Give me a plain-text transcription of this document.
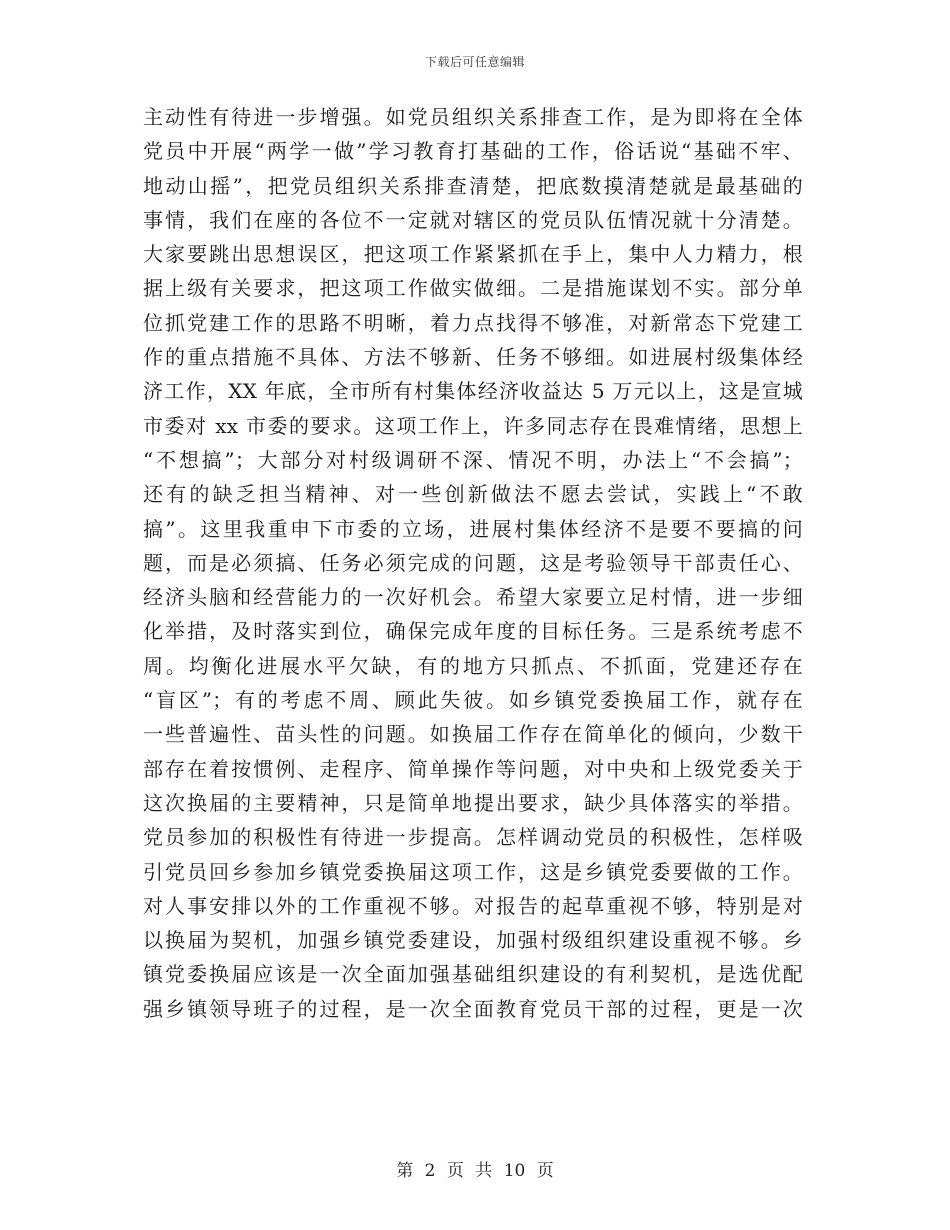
下载后可任意编辑
主动性有待进一步增强。如党员组织关系排查工作，是为即将在全体
党员中开展“两学一做”学习教育打基础的工作，俗话说“基础不牢、
地动山摇”，把党员组织关系排查清楚，把底数摸清楚就是最基础的
事情，我们在座的各位不一定就对辖区的党员队伍情况就十分清楚。
大家要跳出思想误区，把这项工作紧紧抓在手上，集中人力精力，根
据上级有关要求，把这项工作做实做细。二是措施谋划不实。部分单
位抓党建工作的思路不明晰，着力点找得不够准，对新常态下党建工
作的重点措施不具体、方法不够新、任务不够细。如进展村级集体经
济工作，XX 年底，全市所有村集体经济收益达 5 万元以上，这是宣城
市委对 xx 市委的要求。这项工作上，许多同志存在畏难情绪，思想上
“不想搞”；大部分对村级调研不深、情况不明，办法上“不会搞”；
还有的缺乏担当精神、对一些创新做法不愿去尝试，实践上“不敢
搞”。这里我重申下市委的立场，进展村集体经济不是要不要搞的问
题，而是必须搞、任务必须完成的问题，这是考验领导干部责任心、
经济头脑和经营能力的一次好机会。希望大家要立足村情，进一步细
化举措，及时落实到位，确保完成年度的目标任务。三是系统考虑不
周。均衡化进展水平欠缺，有的地方只抓点、不抓面，党建还存在
“盲区”；有的考虑不周、顾此失彼。如乡镇党委换届工作，就存在
一些普遍性、苗头性的问题。如换届工作存在简单化的倾向，少数干
部存在着按惯例、走程序、简单操作等问题，对中央和上级党委关于
这次换届的主要精神，只是简单地提出要求，缺少具体落实的举措。
党员参加的积极性有待进一步提高。怎样调动党员的积极性，怎样吸
引党员回乡参加乡镇党委换届这项工作，这是乡镇党委要做的工作。
对人事安排以外的工作重视不够。对报告的起草重视不够，特别是对
以换届为契机，加强乡镇党委建设，加强村级组织建设重视不够。乡
镇党委换届应该是一次全面加强基础组织建设的有利契机，是选优配
强乡镇领导班子的过程，是一次全面教育党员干部的过程，更是一次
第 2 页 共 10 页
